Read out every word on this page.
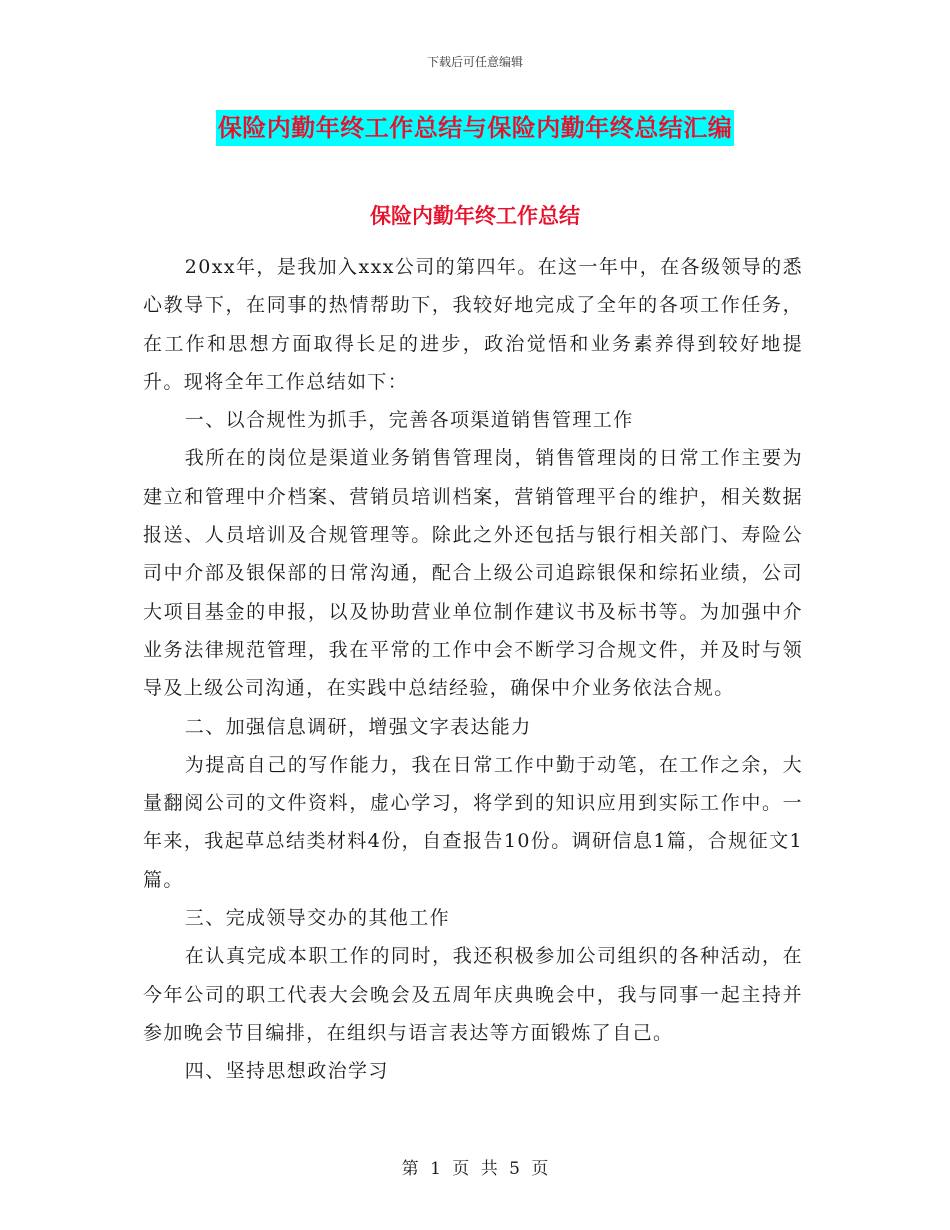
下载后可任意编辑
保险内勤年终工作总结与保险内勤年终总结汇编
保险内勤年终工作总结

20xx年，是我加入xxx公司的第四年。在这一年中，在各级领导的悉心教导下，在同事的热情帮助下，我较好地完成了全年的各项工作任务，在工作和思想方面取得长足的进步，政治觉悟和业务素养得到较好地提升。现将全年工作总结如下：

一、以合规性为抓手，完善各项渠道销售管理工作

我所在的岗位是渠道业务销售管理岗，销售管理岗的日常工作主要为建立和管理中介档案、营销员培训档案，营销管理平台的维护，相关数据报送、人员培训及合规管理等。除此之外还包括与银行相关部门、寿险公司中介部及银保部的日常沟通，配合上级公司追踪银保和综拓业绩，公司大项目基金的申报，以及协助营业单位制作建议书及标书等。为加强中介业务法律规范管理，我在平常的工作中会不断学习合规文件，并及时与领导及上级公司沟通，在实践中总结经验，确保中介业务依法合规。

二、加强信息调研，增强文字表达能力

为提高自己的写作能力，我在日常工作中勤于动笔，在工作之余，大量翻阅公司的文件资料，虚心学习，将学到的知识应用到实际工作中。一年来，我起草总结类材料4份，自查报告10份。调研信息1篇，合规征文1篇。

三、完成领导交办的其他工作

在认真完成本职工作的同时，我还积极参加公司组织的各种活动，在今年公司的职工代表大会晚会及五周年庆典晚会中，我与同事一起主持并参加晚会节目编排，在组织与语言表达等方面锻炼了自己。

四、坚持思想政治学习

第 1 页 共 5 页
